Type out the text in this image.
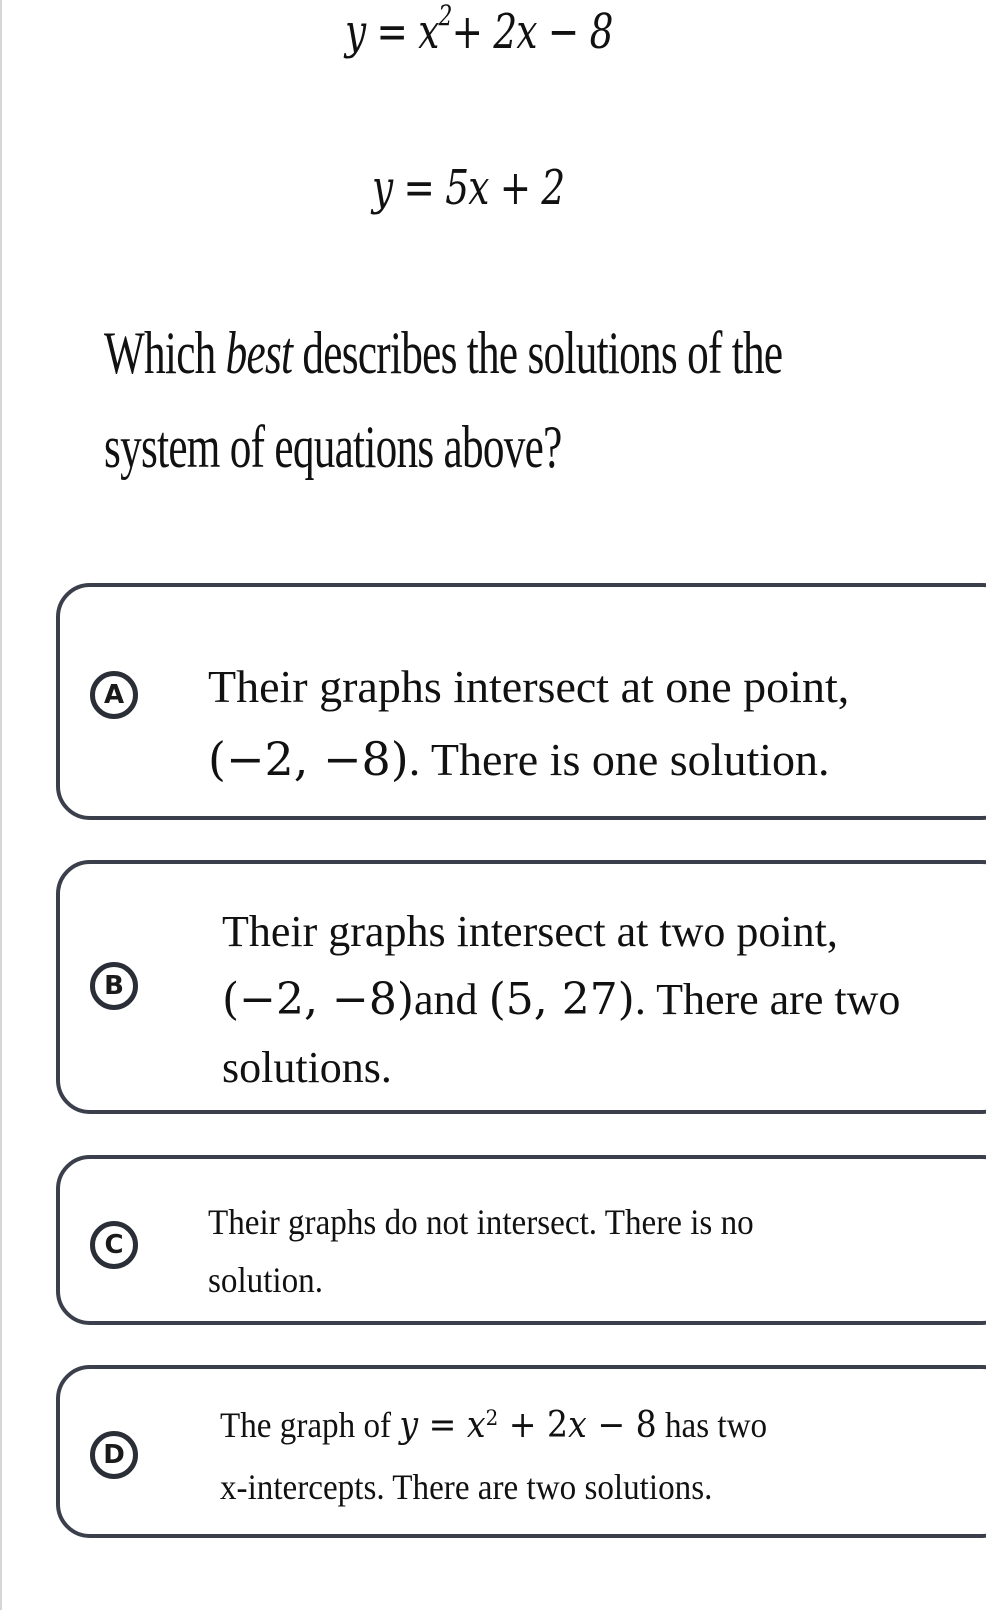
$y = x^2+ 2x - 8$
y = 5x + 2
Which best describes the solutions of the
system of equations above?
A	Their graphs intersect at one point,
(−2, −8). There is one solution.
B
Their graphs intersect at two point,
(−2, −8)and (5, 27). There are two
solutions.
C
Their graphs do not intersect. There is no
solution.
D
The graph of $y = x^2 + 2x - 8$ has two
x-intercepts. There are two solutions.
